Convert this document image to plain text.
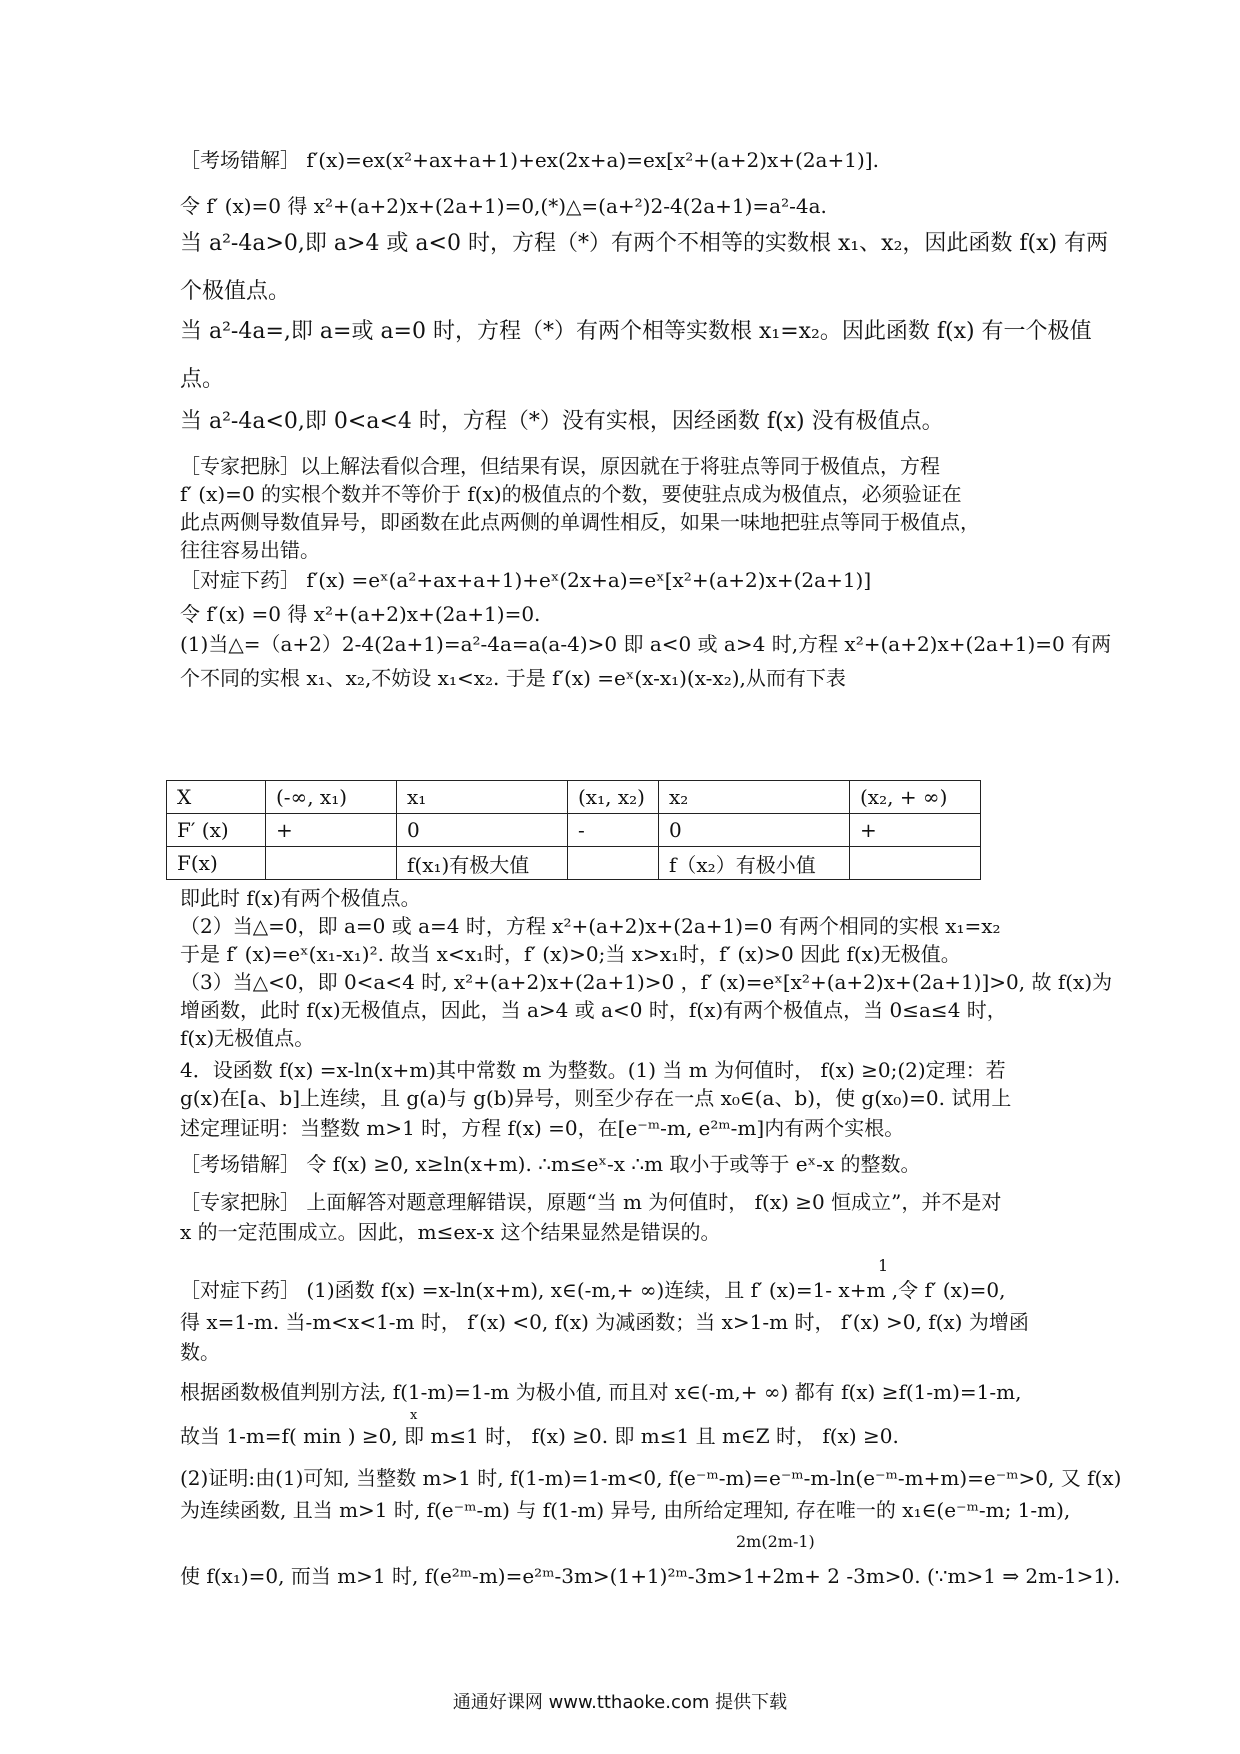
［考场错解］ f′(x)=ex(x²+ax+a+1)+ex(2x+a)=ex[x²+(a+2)x+(2a+1)].
令 f′ (x)=0 得 x²+(a+2)x+(2a+1)=0,(*)△=(a+²)2-4(2a+1)=a²-4a.
当 a²-4a>0,即 a>4 或 a<0 时，方程（*）有两个不相等的实数根 x₁、x₂，因此函数 f(x) 有两
个极值点。
当 a²-4a=,即 a=或 a=0 时，方程（*）有两个相等实数根 x₁=x₂。因此函数 f(x) 有一个极值
点。
当 a²-4a<0,即 0<a<4 时，方程（*）没有实根，因经函数 f(x) 没有极值点。
［专家把脉］以上解法看似合理，但结果有误，原因就在于将驻点等同于极值点，方程
f′ (x)=0 的实根个数并不等价于 f(x)的极值点的个数，要使驻点成为极值点，必须验证在
此点两侧导数值异号，即函数在此点两侧的单调性相反，如果一味地把驻点等同于极值点，
往往容易出错。
［对症下药］ f′(x) =eˣ(a²+ax+a+1)+eˣ(2x+a)=eˣ[x²+(a+2)x+(2a+1)]
令 f′(x) =0 得 x²+(a+2)x+(2a+1)=0.
(1)当△=（a+2）2-4(2a+1)=a²-4a=a(a-4)>0 即 a<0 或 a>4 时,方程 x²+(a+2)x+(2a+1)=0 有两
个不同的实根 x₁、x₂,不妨设 x₁<x₂. 于是 f′(x) =eˣ(x-x₁)(x-x₂),从而有下表
X	(-∞, x₁)	x₁	(x₁, x₂)	x₂	(x₂, + ∞)
F′ (x)	+	0	-	0	+
F(x)		f(x₁)有极大值		f（x₂）有极小值	
即此时 f(x)有两个极值点。
（2）当△=0，即 a=0 或 a=4 时，方程 x²+(a+2)x+(2a+1)=0 有两个相同的实根 x₁=x₂
于是 f′ (x)=eˣ(x₁-x₁)². 故当 x<x₁时，f′ (x)>0;当 x>x₁时，f′ (x)>0 因此 f(x)无极值。
（3）当△<0，即 0<a<4 时, x²+(a+2)x+(2a+1)>0 ，f′ (x)=eˣ[x²+(a+2)x+(2a+1)]>0, 故 f(x)为
增函数，此时 f(x)无极值点，因此，当 a>4 或 a<0 时，f(x)有两个极值点，当 0≤a≤4 时，
f(x)无极值点。
4．设函数 f(x) =x-ln(x+m)其中常数 m 为整数。(1) 当 m 为何值时， f(x) ≥0;(2)定理：若
g(x)在[a、b]上连续，且 g(a)与 g(b)异号，则至少存在一点 x₀∈(a、b)，使 g(x₀)=0. 试用上
述定理证明：当整数 m>1 时，方程 f(x) =0，在[e⁻ᵐ-m, e²ᵐ-m]内有两个实根。
［考场错解］ 令 f(x) ≥0, x≥ln(x+m). ∴m≤eˣ-x ∴m 取小于或等于 eˣ-x 的整数。
［专家把脉］ 上面解答对题意理解错误，原题“当 m 为何值时， f(x) ≥0 恒成立”，并不是对
x 的一定范围成立。因此，m≤ex-x 这个结果显然是错误的。
1
［对症下药］ (1)函数 f(x) =x-ln(x+m), x∈(-m,+ ∞)连续，且 f′ (x)=1- x+m ,令 f′ (x)=0,
得 x=1-m. 当-m<x<1-m 时， f′(x) <0, f(x) 为减函数；当 x>1-m 时， f′(x) >0, f(x) 为增函
数。
根据函数极值判别方法, f(1-m)=1-m 为极小值, 而且对 x∈(-m,+ ∞) 都有 f(x) ≥f(1-m)=1-m,
x
故当 1-m=f( min ) ≥0, 即 m≤1 时， f(x) ≥0. 即 m≤1 且 m∈Z 时， f(x) ≥0.
(2)证明:由(1)可知, 当整数 m>1 时, f(1-m)=1-m<0, f(e⁻ᵐ-m)=e⁻ᵐ-m-ln(e⁻ᵐ-m+m)=e⁻ᵐ>0, 又 f(x)
为连续函数, 且当 m>1 时, f(e⁻ᵐ-m) 与 f(1-m) 异号, 由所给定理知, 存在唯一的 x₁∈(e⁻ᵐ-m; 1-m),
2m(2m-1)
使 f(x₁)=0, 而当 m>1 时, f(e²ᵐ-m)=e²ᵐ-3m>(1+1)²ᵐ-3m>1+2m+ 2 -3m>0. (∵m>1 ⇒ 2m-1>1).
通通好课网 www.tthaoke.com 提供下载
